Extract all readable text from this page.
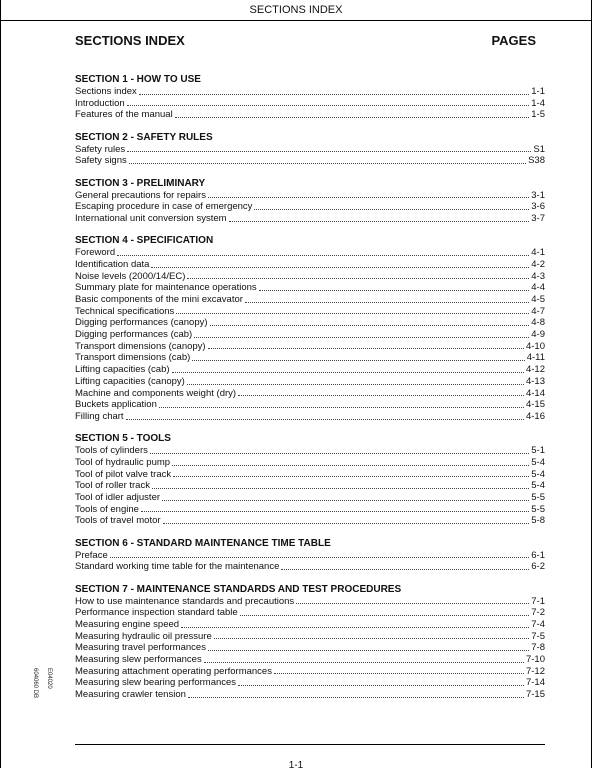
SECTIONS INDEX
SECTIONS INDEX	PAGES
SECTION 1 - HOW TO USE
Sections index	1-1
Introduction	1-4
Features of the manual	1-5
SECTION 2 - SAFETY RULES
Safety rules	S1
Safety signs	S38
SECTION 3 - PRELIMINARY
General precautions for repairs	3-1
Escaping procedure in case of emergency	3-6
International unit conversion system	3-7
SECTION 4 - SPECIFICATION
Foreword	4-1
Identification data	4-2
Noise levels (2000/14/EC)	4-3
Summary plate for maintenance operations	4-4
Basic components of the mini excavator	4-5
Technical specifications	4-7
Digging performances (canopy)	4-8
Digging performances (cab)	4-9
Transport dimensions (canopy)	4-10
Transport dimensions (cab)	4-11
Lifting capacities (cab)	4-12
Lifting capacities (canopy)	4-13
Machine and components weight (dry)	4-14
Buckets application	4-15
Filling chart	4-16
SECTION 5 - TOOLS
Tools of cylinders	5-1
Tool of hydraulic pump	5-4
Tool of pilot valve track	5-4
Tool of roller track	5-4
Tool of idler adjuster	5-5
Tools of engine	5-5
Tools of travel motor	5-8
SECTION 6 - STANDARD MAINTENANCE TIME TABLE
Preface	6-1
Standard working time table for the maintenance	6-2
SECTION 7 - MAINTENANCE STANDARDS AND TEST PROCEDURES
How to use maintenance standards and precautions	7-1
Performance inspection standard table	7-2
Measuring engine speed	7-4
Measuring hydraulic oil pressure	7-5
Measuring travel performances	7-8
Measuring slew performances	7-10
Measuring attachment operating performances	7-12
Measuring slew bearing performances	7-14
Measuring crawler tension	7-15
604060 DB E04020
1-1
